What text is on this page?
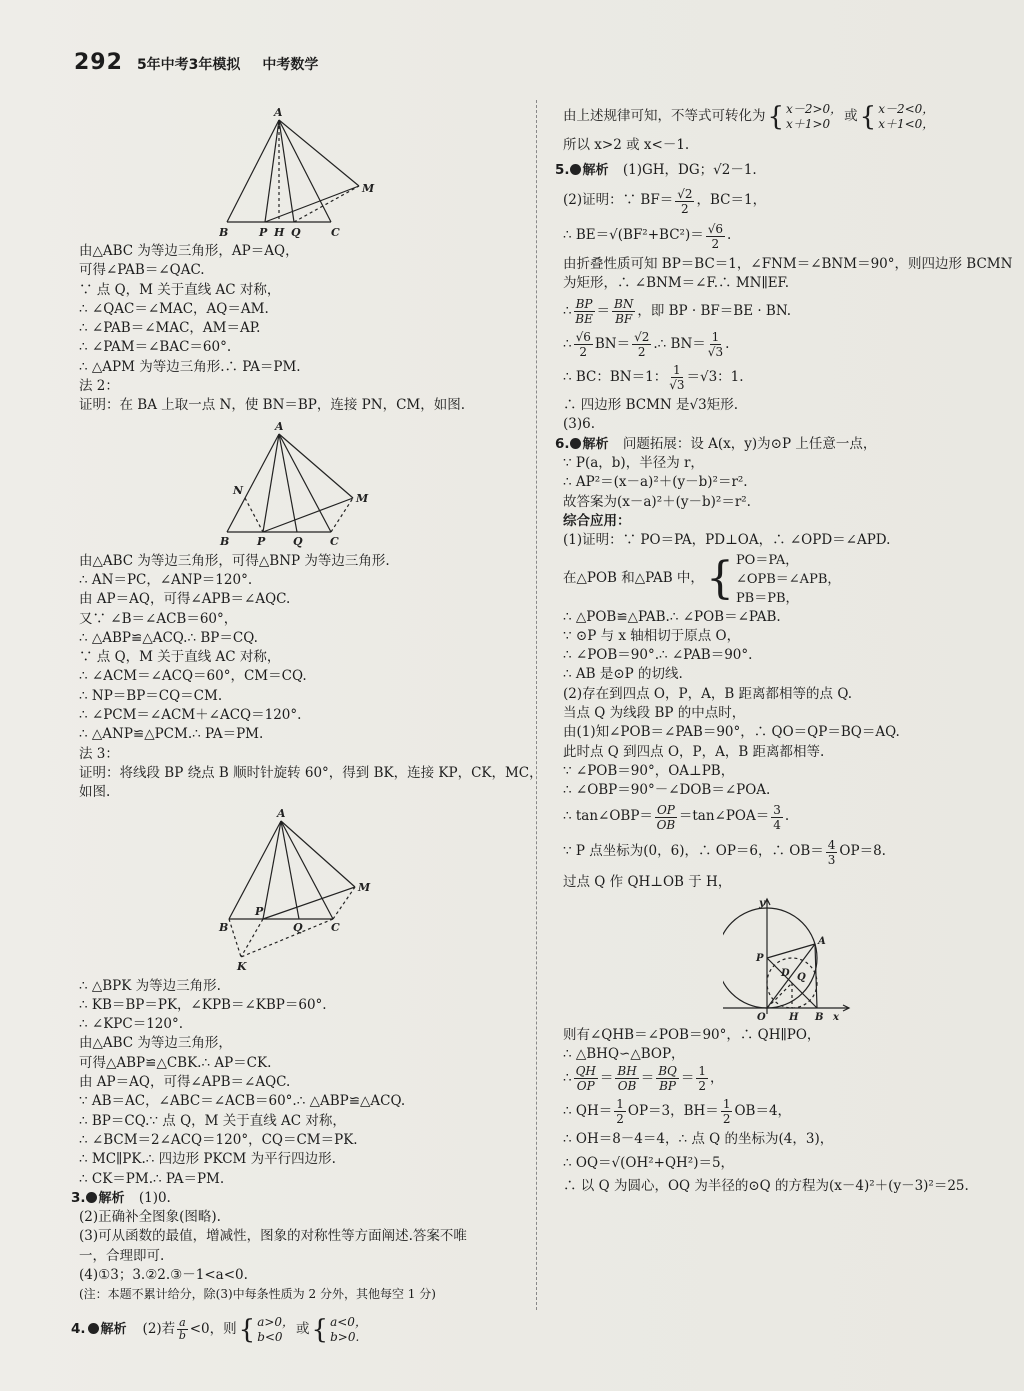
292 5年中考3年模拟 中考数学
A
B	P H Q	C
M
由△ABC 为等边三角形，AP＝AQ，
可得∠PAB＝∠QAC.
∵ 点 Q，M 关于直线 AC 对称，
∴ ∠QAC＝∠MAC，AQ＝AM.
∴ ∠PAB＝∠MAC，AM＝AP.
∴ ∠PAM＝∠BAC＝60°.
∴ △APM 为等边三角形.∴ PA＝PM.
法 2：
证明：在 BA 上取一点 N，使 BN＝BP，连接 PN，CM，如图.
A
N
M
B	P	Q C
由△ABC 为等边三角形，可得△BNP 为等边三角形.
∴ AN＝PC，∠ANP＝120°.
由 AP＝AQ，可得∠APB＝∠AQC.
又∵ ∠B＝∠ACB＝60°，
∴ △ABP≌△ACQ.∴ BP＝CQ.
∵ 点 Q，M 关于直线 AC 对称，
∴ ∠ACM＝∠ACQ＝60°，CM＝CQ.
∴ NP＝BP＝CQ＝CM.
∴ ∠PCM＝∠ACM＋∠ACQ＝120°.
∴ △ANP≌△PCM.∴ PA＝PM.
法 3：
证明：将线段 BP 绕点 B 顺时针旋转 60°，得到 BK，连接 KP，CK，MC，
如图.
A
M
P
B	Q	C
K
∴ △BPK 为等边三角形.
∴ KB＝BP＝PK，∠KPB＝∠KBP＝60°.
∴ ∠KPC＝120°.
由△ABC 为等边三角形，
可得△ABP≌△CBK.∴ AP＝CK.
由 AP＝AQ，可得∠APB＝∠AQC.
∵ AB＝AC，∠ABC＝∠ACB＝60°.∴ △ABP≌△ACQ.
∴ BP＝CQ.∵ 点 Q，M 关于直线 AC 对称，
∴ ∠BCM＝2∠ACQ＝120°，CQ＝CM＝PK.
∴ MC∥PK.∴ 四边形 PKCM 为平行四边形.
∴ CK＝PM.∴ PA＝PM.
3. 解析 (1)0.
(2)正确补全图象(图略).
(3)可从函数的最值，增减性，图象的对称性等方面阐述.答案不唯
一，合理即可.
(4)①3；3.②2.③－1<a<0.
(注：本题不累计给分，除(3)中每条性质为 2 分外，其他每空 1 分)
4.	解析 (2)若 $\frac{a}{b} <0$，则 { a>0，
b<0 或 { a<0，
b>0.
由上述规律可知，不等式可转化为 { x－2>0，
x＋1>0	或 { x－2<0，
x＋1<0，
所以 x>2 或 x<－1.
5. 解析 (1)GH，DG；√2－1.
(2)证明：∵ $BF= \frac{√2}{2}$ ，BC＝1，
∴ $BE=√(BF^2+BC^2)= \frac{√6}{2}$ .
由折叠性质可知 BP＝BC＝1，∠FNM＝∠BNM＝90°，则四边形 BCMN
为矩形，∴ ∠BNM＝∠F.∴ MN∥EF.
∴ $\frac{BP}{BE} = \frac{BN}{BF}$ ，即 BP · BF＝BE · BN.
∴ $\frac{√6}{2} BN= \frac{√2}{2}$ .∴ $BN= \frac{1}{√3}$ .
∴ BC：BN＝1： $\frac{1}{√3} =√3$：1.
∴ 四边形 BCMN 是√3矩形.
(3)6.
6. 解析 问题拓展：设 A(x，y)为⊙P 上任意一点，
∵ P(a，b)，半径为 r，
∴ AP²＝(x－a)²＋(y－b)²＝r².
故答案为(x－a)²＋(y－b)²＝r².
综合应用：
(1)证明：∵ PO＝PA，PD⊥OA，∴ ∠OPD＝∠APD.
在△POB 和△PAB 中， { PO＝PA，
∠OPB＝∠APB，
PB＝PB，
∴ △POB≌△PAB.∴ ∠POB＝∠PAB.
∵ ⊙P 与 x 轴相切于原点 O，
∴ ∠POB＝90°.∴ ∠PAB＝90°.
∴ AB 是⊙P 的切线.
(2)存在到四点 O，P，A，B 距离都相等的点 Q.
当点 Q 为线段 BP 的中点时，
由(1)知∠POB＝∠PAB＝90°，∴ QO＝QP＝BQ＝AQ.
此时点 Q 到四点 O，P，A，B 距离都相等.
∵ ∠POB＝90°，OA⊥PB，
∴ ∠OBP＝90°－∠DOB＝∠POA.
∴ tan∠OBP＝ $\frac{OP}{OB}$ ＝tan∠POA＝ $\frac{3}{4}$ .
∵ P 点坐标为(0，6)，∴ OP＝6，∴ $OB= \frac{4}{3} OP=8$.
过点 Q 作 QH⊥OB 于 H，
y
P
A
D Q
O H B x
则有∠QHB＝∠POB＝90°，∴ QH∥PO，
∴ △BHQ∽△BOP，
∴ $\frac{QH}{OP} = \frac{BH}{OB} = \frac{BQ}{BP} = \frac{1}{2}$ ，
∴ $QH= \frac{1}{2} OP=3$，$BH= \frac{1}{2} OB=4$，
∴ OH＝8－4＝4，∴ 点 Q 的坐标为(4，3)，
∴ OQ＝√(OH²+QH²)＝5，
∴ 以 Q 为圆心，OQ 为半径的⊙Q 的方程为(x－4)²＋(y－3)²＝25.
